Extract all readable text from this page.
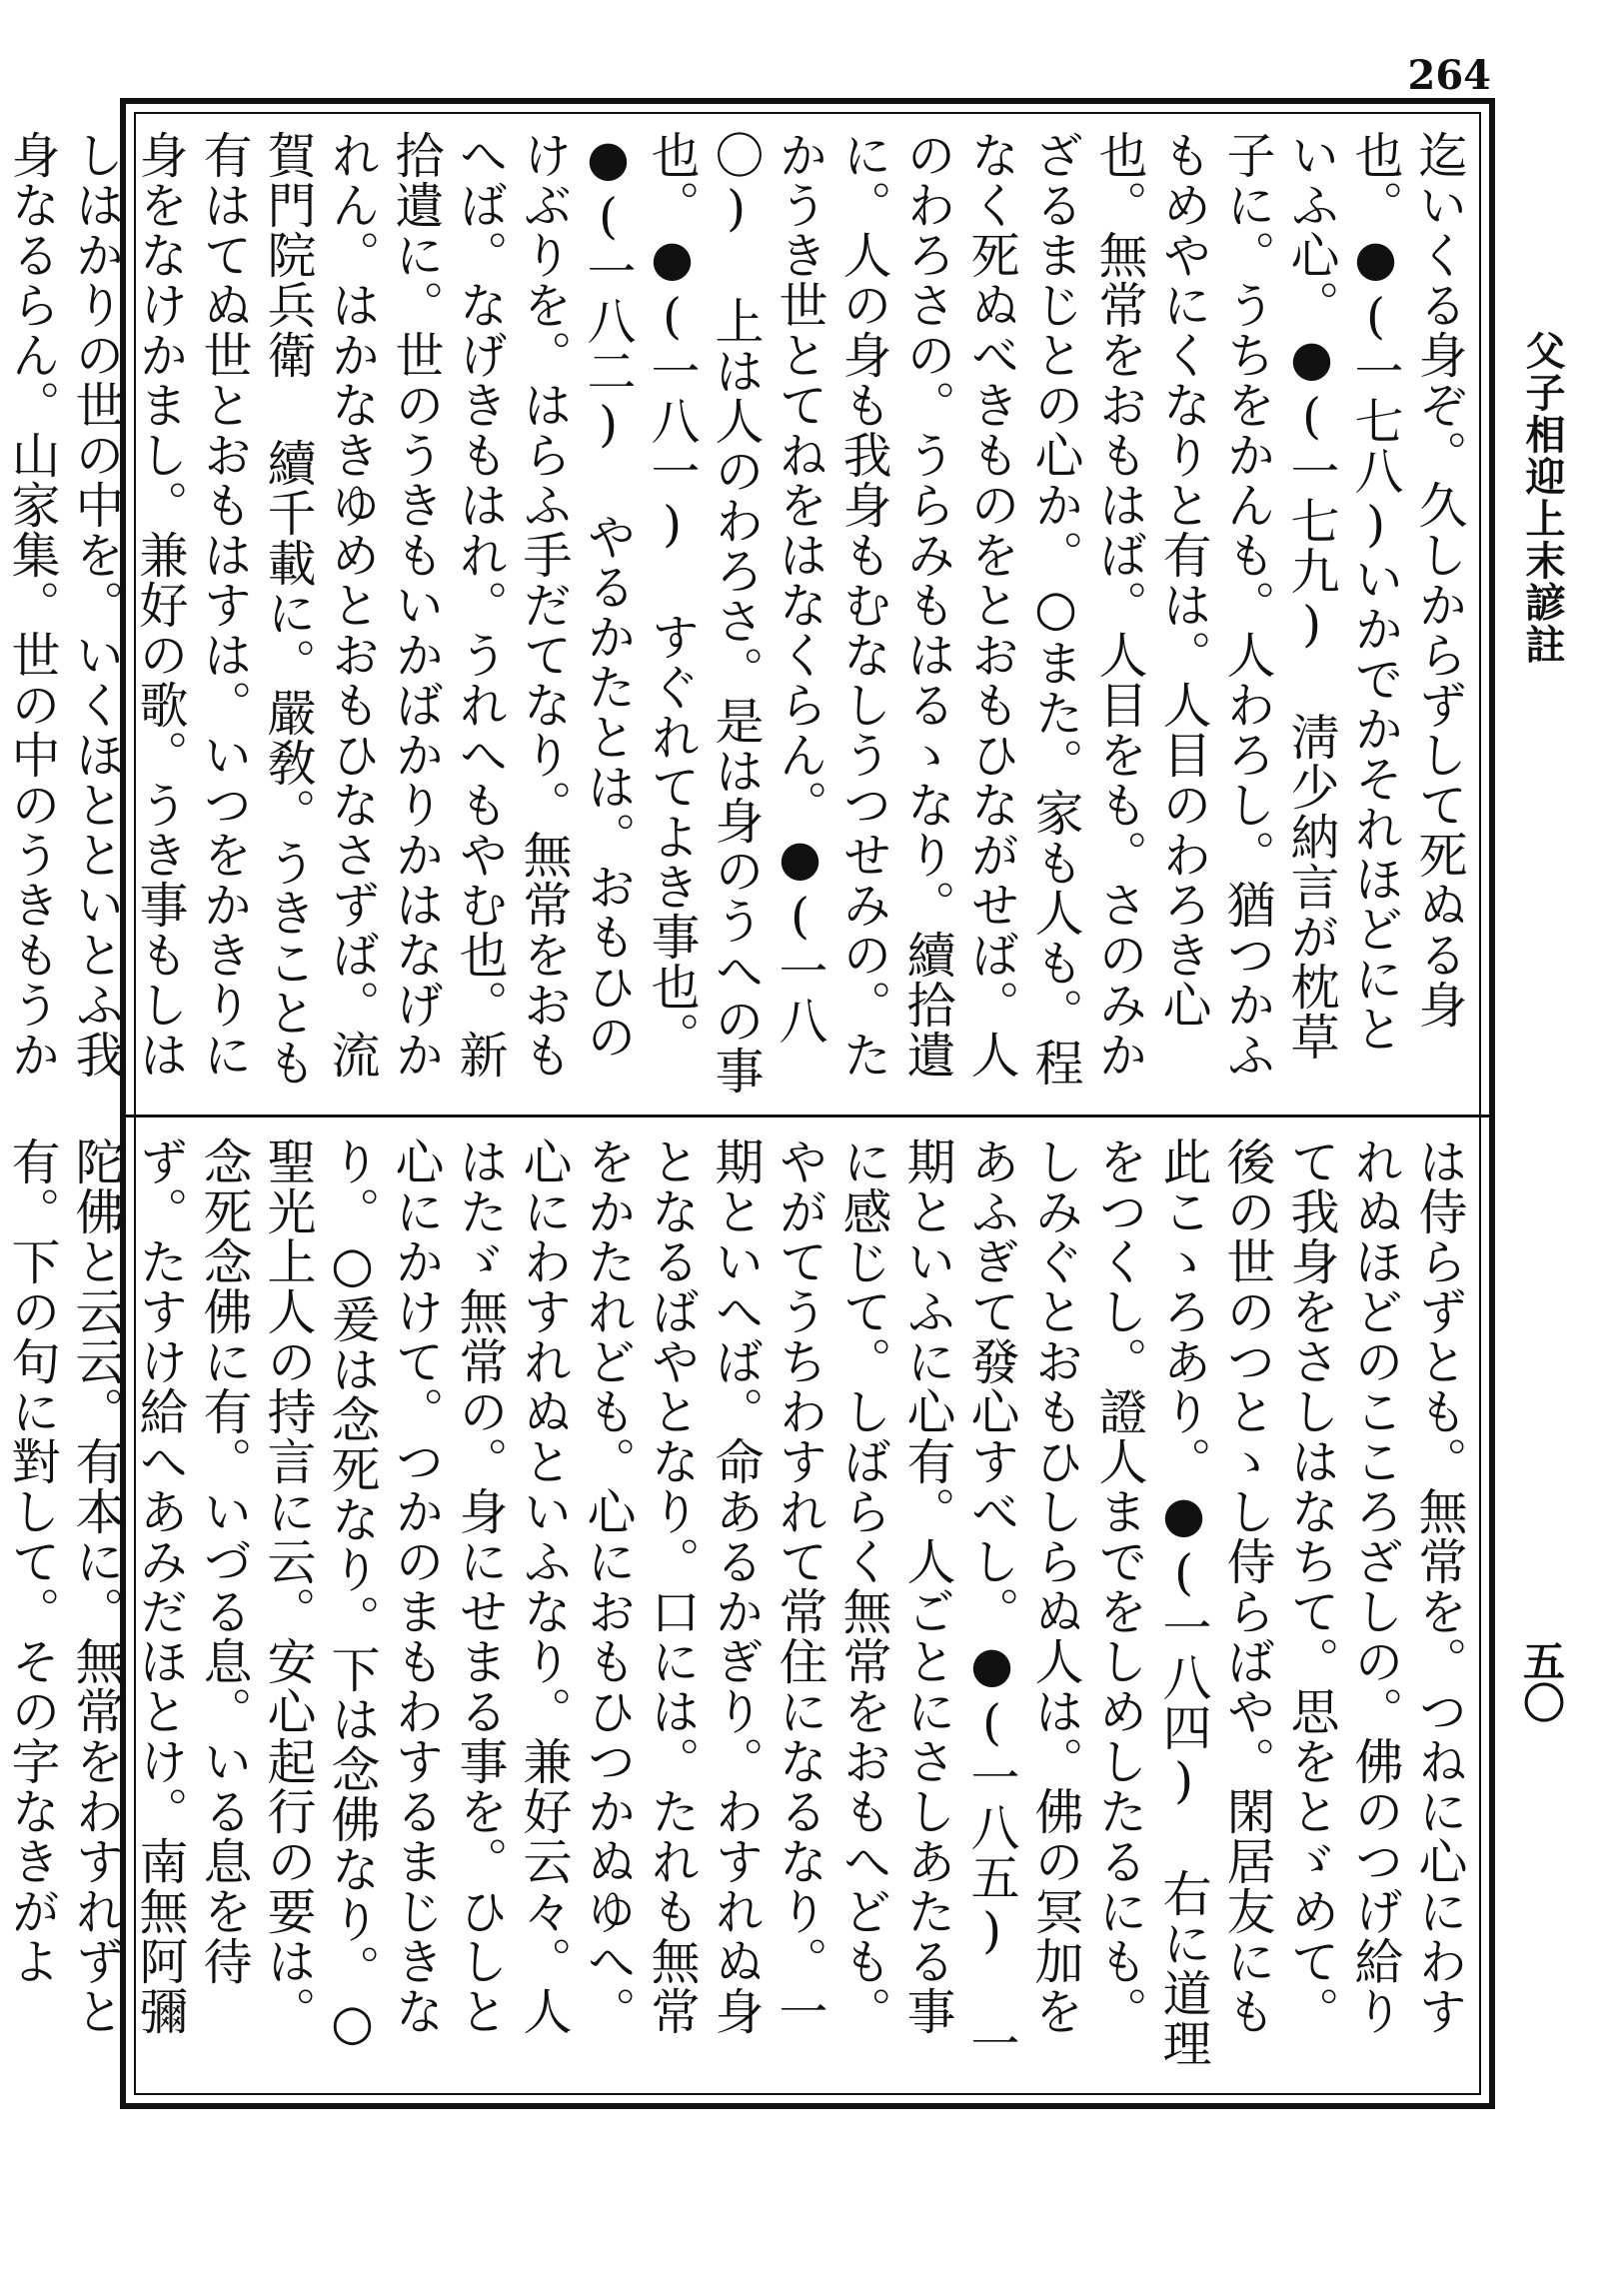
264

迄いくる身ぞ。久しからずして死ぬる身也。●(一七八)いかでかそれほどにといふ心。●(一七九) 淸少納言が枕草子に。うちをかんも。人わろし。猶つかふもめやにくなりと有は。人目のわろき心也。無常をおもはば。人目をも。さのみかざるまじとの心か。○また。家も人も。程なく死ぬべきものをとおもひながせば。人のわろさの。うらみもはるゝなり。續拾遺に。人の身も我身もむなしうつせみの。たかうき世とてねをはなくらん。●(一八〇) 上は人のわろさ。是は身のうへの事也。●(一八一) すぐれてよき事也。●(一八二) やるかたとは。おもひのけぶりを。はらふ手だてなり。無常をおもへば。なげきもはれ。うれへもやむ也。新拾遺に。世のうきもいかばかりかはなげかれん。はかなきゆめとおもひなさずば。流賀門院兵衛 續千載に。嚴敎。うきことも有はてぬ世とおもはすは。いつをかきりに身をなけかまし。兼好の歌。うき事もしはしはかりの世の中を。いくほとといとふ我身なるらん。山家集。世の中のうきもうか

は侍らずとも。無常を。つねに心にわすれぬほどのこころざしの。佛のつげ給りて我身をさしはなちて。思をとゞめて。後の世のつとゝし侍らばや。閑居友にも此こゝろあり。●(一八四) 右に道理をつくし。證人までをしめしたるにも。しみぐとおもひしらぬ人は。佛の冥加をあふぎて發心すべし。●(一八五) 一期といふに心有。人ごとにさしあたる事に感じて。しばらく無常をおもへども。やがてうちわすれて常住になるなり。一期といへば。命あるかぎり。わすれぬ身となるばやとなり。口には。たれも無常をかたれども。心におもひつかぬゆへ。心にわすれぬといふなり。兼好云々。人はたゞ無常の。身にせまる事を。ひしと心にかけて。つかのまもわするまじきなり。○爰は念死なり。下は念佛なり。○聖光上人の持言に云。安心起行の要は。念死念佛に有。いづる息。いる息を待ず。たすけ給へあみだほとけ。南無阿彌陀佛と云云。有本に。無常をわすれずと有。下の句に對して。その字なきがよ

父子相迎上末諺註
五〇
